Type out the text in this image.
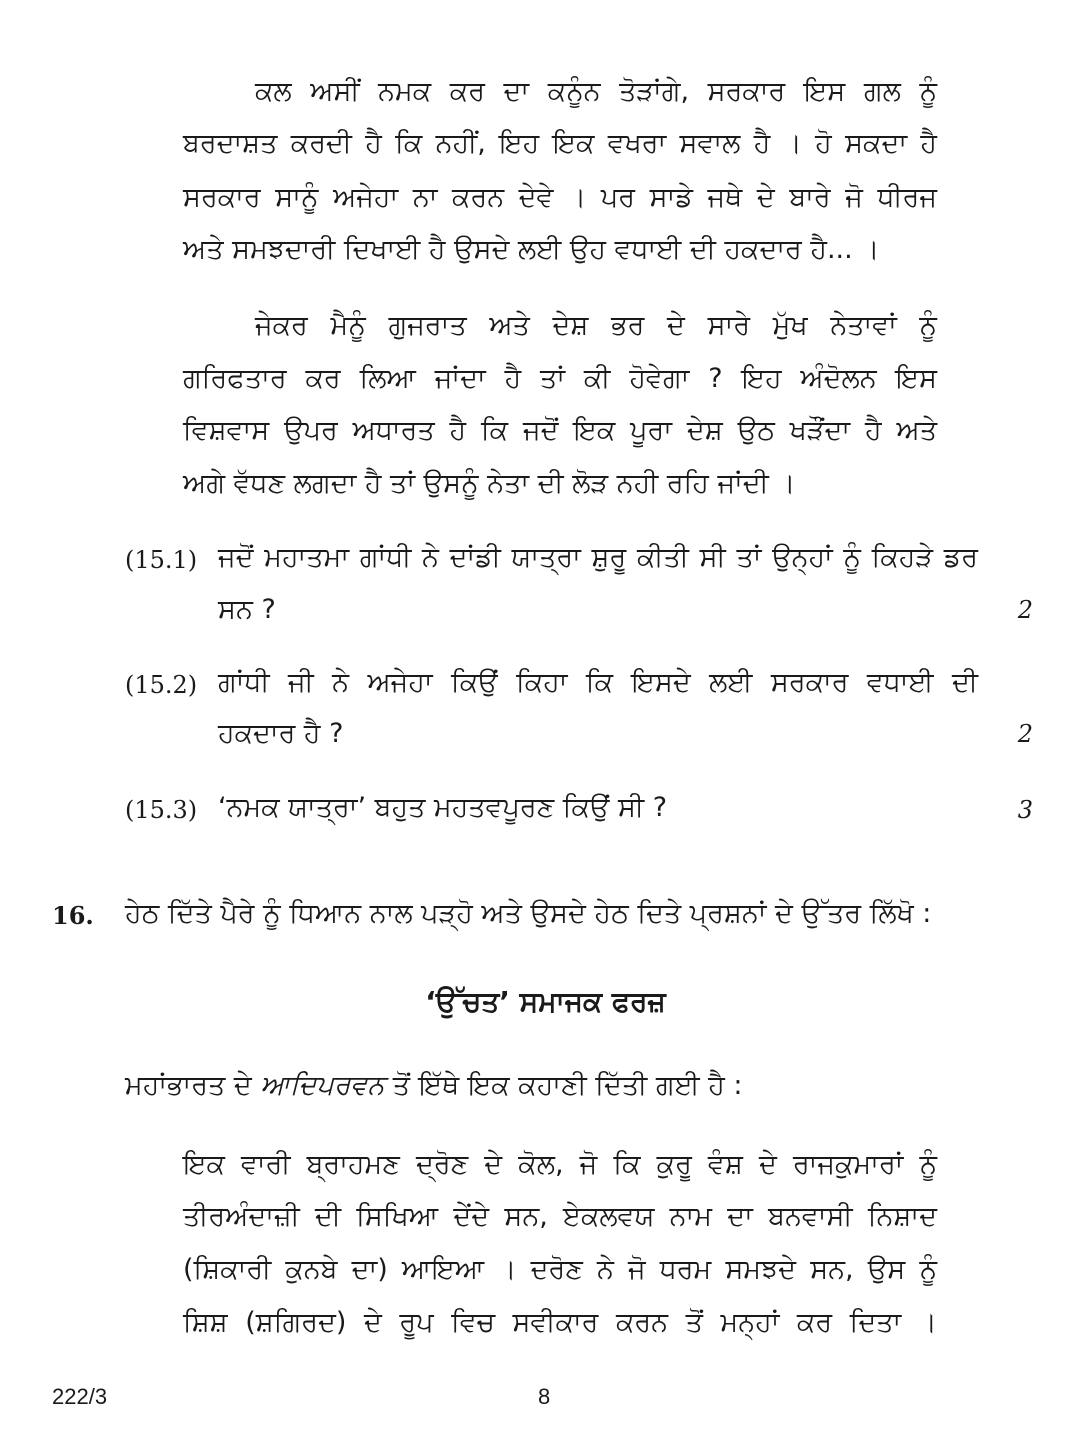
ਕਲ ਅਸੀਂ ਨਮਕ ਕਰ ਦਾ ਕਨੂੰਨ ਤੋੜਾਂਗੇ, ਸਰਕਾਰ ਇਸ ਗਲ ਨੂੰ
ਬਰਦਾਸ਼ਤ ਕਰਦੀ ਹੈ ਕਿ ਨਹੀਂ, ਇਹ ਇਕ ਵਖਰਾ ਸਵਾਲ ਹੈ । ਹੋ ਸਕਦਾ ਹੈ
ਸਰਕਾਰ ਸਾਨੂੰ ਅਜੇਹਾ ਨਾ ਕਰਨ ਦੇਵੇ । ਪਰ ਸਾਡੇ ਜਥੇ ਦੇ ਬਾਰੇ ਜੋ ਧੀਰਜ
ਅਤੇ ਸਮਝਦਾਰੀ ਦਿਖਾਈ ਹੈ ਉਸਦੇ ਲਈ ਉਹ ਵਧਾਈ ਦੀ ਹਕਦਾਰ ਹੈ... ।
ਜੇਕਰ ਮੈਨੂੰ ਗੁਜਰਾਤ ਅਤੇ ਦੇਸ਼ ਭਰ ਦੇ ਸਾਰੇ ਮੁੱਖ ਨੇਤਾਵਾਂ ਨੂੰ
ਗਰਿਫਤਾਰ ਕਰ ਲਿਆ ਜਾਂਦਾ ਹੈ ਤਾਂ ਕੀ ਹੋਵੇਗਾ ? ਇਹ ਅੰਦੋਲਨ ਇਸ
ਵਿਸ਼ਵਾਸ ਉਪਰ ਅਧਾਰਤ ਹੈ ਕਿ ਜਦੋਂ ਇਕ ਪੂਰਾ ਦੇਸ਼ ਉਠ ਖੜੌਂਦਾ ਹੈ ਅਤੇ
ਅਗੇ ਵੱਧਣ ਲਗਦਾ ਹੈ ਤਾਂ ਉਸਨੂੰ ਨੇਤਾ ਦੀ ਲੋੜ ਨਹੀ ਰਹਿ ਜਾਂਦੀ ।
(15.1) ਜਦੋਂ ਮਹਾਤਮਾ ਗਾਂਧੀ ਨੇ ਦਾਂਡੀ ਯਾਤ੍ਰਾ ਸ਼ੁਰੂ ਕੀਤੀ ਸੀ ਤਾਂ ਉਨ੍ਹਾਂ ਨੂੰ ਕਿਹੜੇ ਡਰ
ਸਨ ?	2
(15.2) ਗਾਂਧੀ ਜੀ ਨੇ ਅਜੇਹਾ ਕਿਉਂ ਕਿਹਾ ਕਿ ਇਸਦੇ ਲਈ ਸਰਕਾਰ ਵਧਾਈ ਦੀ
ਹਕਦਾਰ ਹੈ ?	2
(15.3) ‘ਨਮਕ ਯਾਤ੍ਰਾ’ ਬਹੁਤ ਮਹਤਵਪੂਰਣ ਕਿਉਂ ਸੀ ?	3
16. ਹੇਠ ਦਿੱਤੇ ਪੈਰੇ ਨੂੰ ਧਿਆਨ ਨਾਲ ਪੜ੍ਹੋ ਅਤੇ ਉਸਦੇ ਹੇਠ ਦਿਤੇ ਪ੍ਰਸ਼ਨਾਂ ਦੇ ਉੱਤਰ ਲਿੱਖੋ :
‘ਉੱਚਤ’ ਸਮਾਜਕ ਫਰਜ਼
ਮਹਾਂਭਾਰਤ ਦੇ ਆਦਿਪਰਵਨ ਤੋਂ ਇੱਥੇ ਇਕ ਕਹਾਣੀ ਦਿੱਤੀ ਗਈ ਹੈ :
ਇਕ ਵਾਰੀ ਬ੍ਰਾਹਮਣ ਦ੍ਰੋਣ ਦੇ ਕੋਲ, ਜੋ ਕਿ ਕੁਰੂ ਵੰਸ਼ ਦੇ ਰਾਜਕੁਮਾਰਾਂ ਨੂੰ
ਤੀਰਅੰਦਾਜ਼ੀ ਦੀ ਸਿਖਿਆ ਦੇਂਦੇ ਸਨ, ਏਕਲਵਯ ਨਾਮ ਦਾ ਬਨਵਾਸੀ ਨਿਸ਼ਾਦ
(ਸ਼ਿਕਾਰੀ ਕੁਨਬੇ ਦਾ) ਆਇਆ । ਦਰੋਣ ਨੇ ਜੋ ਧਰਮ ਸਮਝਦੇ ਸਨ, ਉਸ ਨੂੰ
ਸ਼ਿਸ਼ (ਸ਼ਗਿਰਦ) ਦੇ ਰੂਪ ਵਿਚ ਸਵੀਕਾਰ ਕਰਨ ਤੋਂ ਮਨ੍ਹਾਂ ਕਰ ਦਿਤਾ ।
222/3	8
